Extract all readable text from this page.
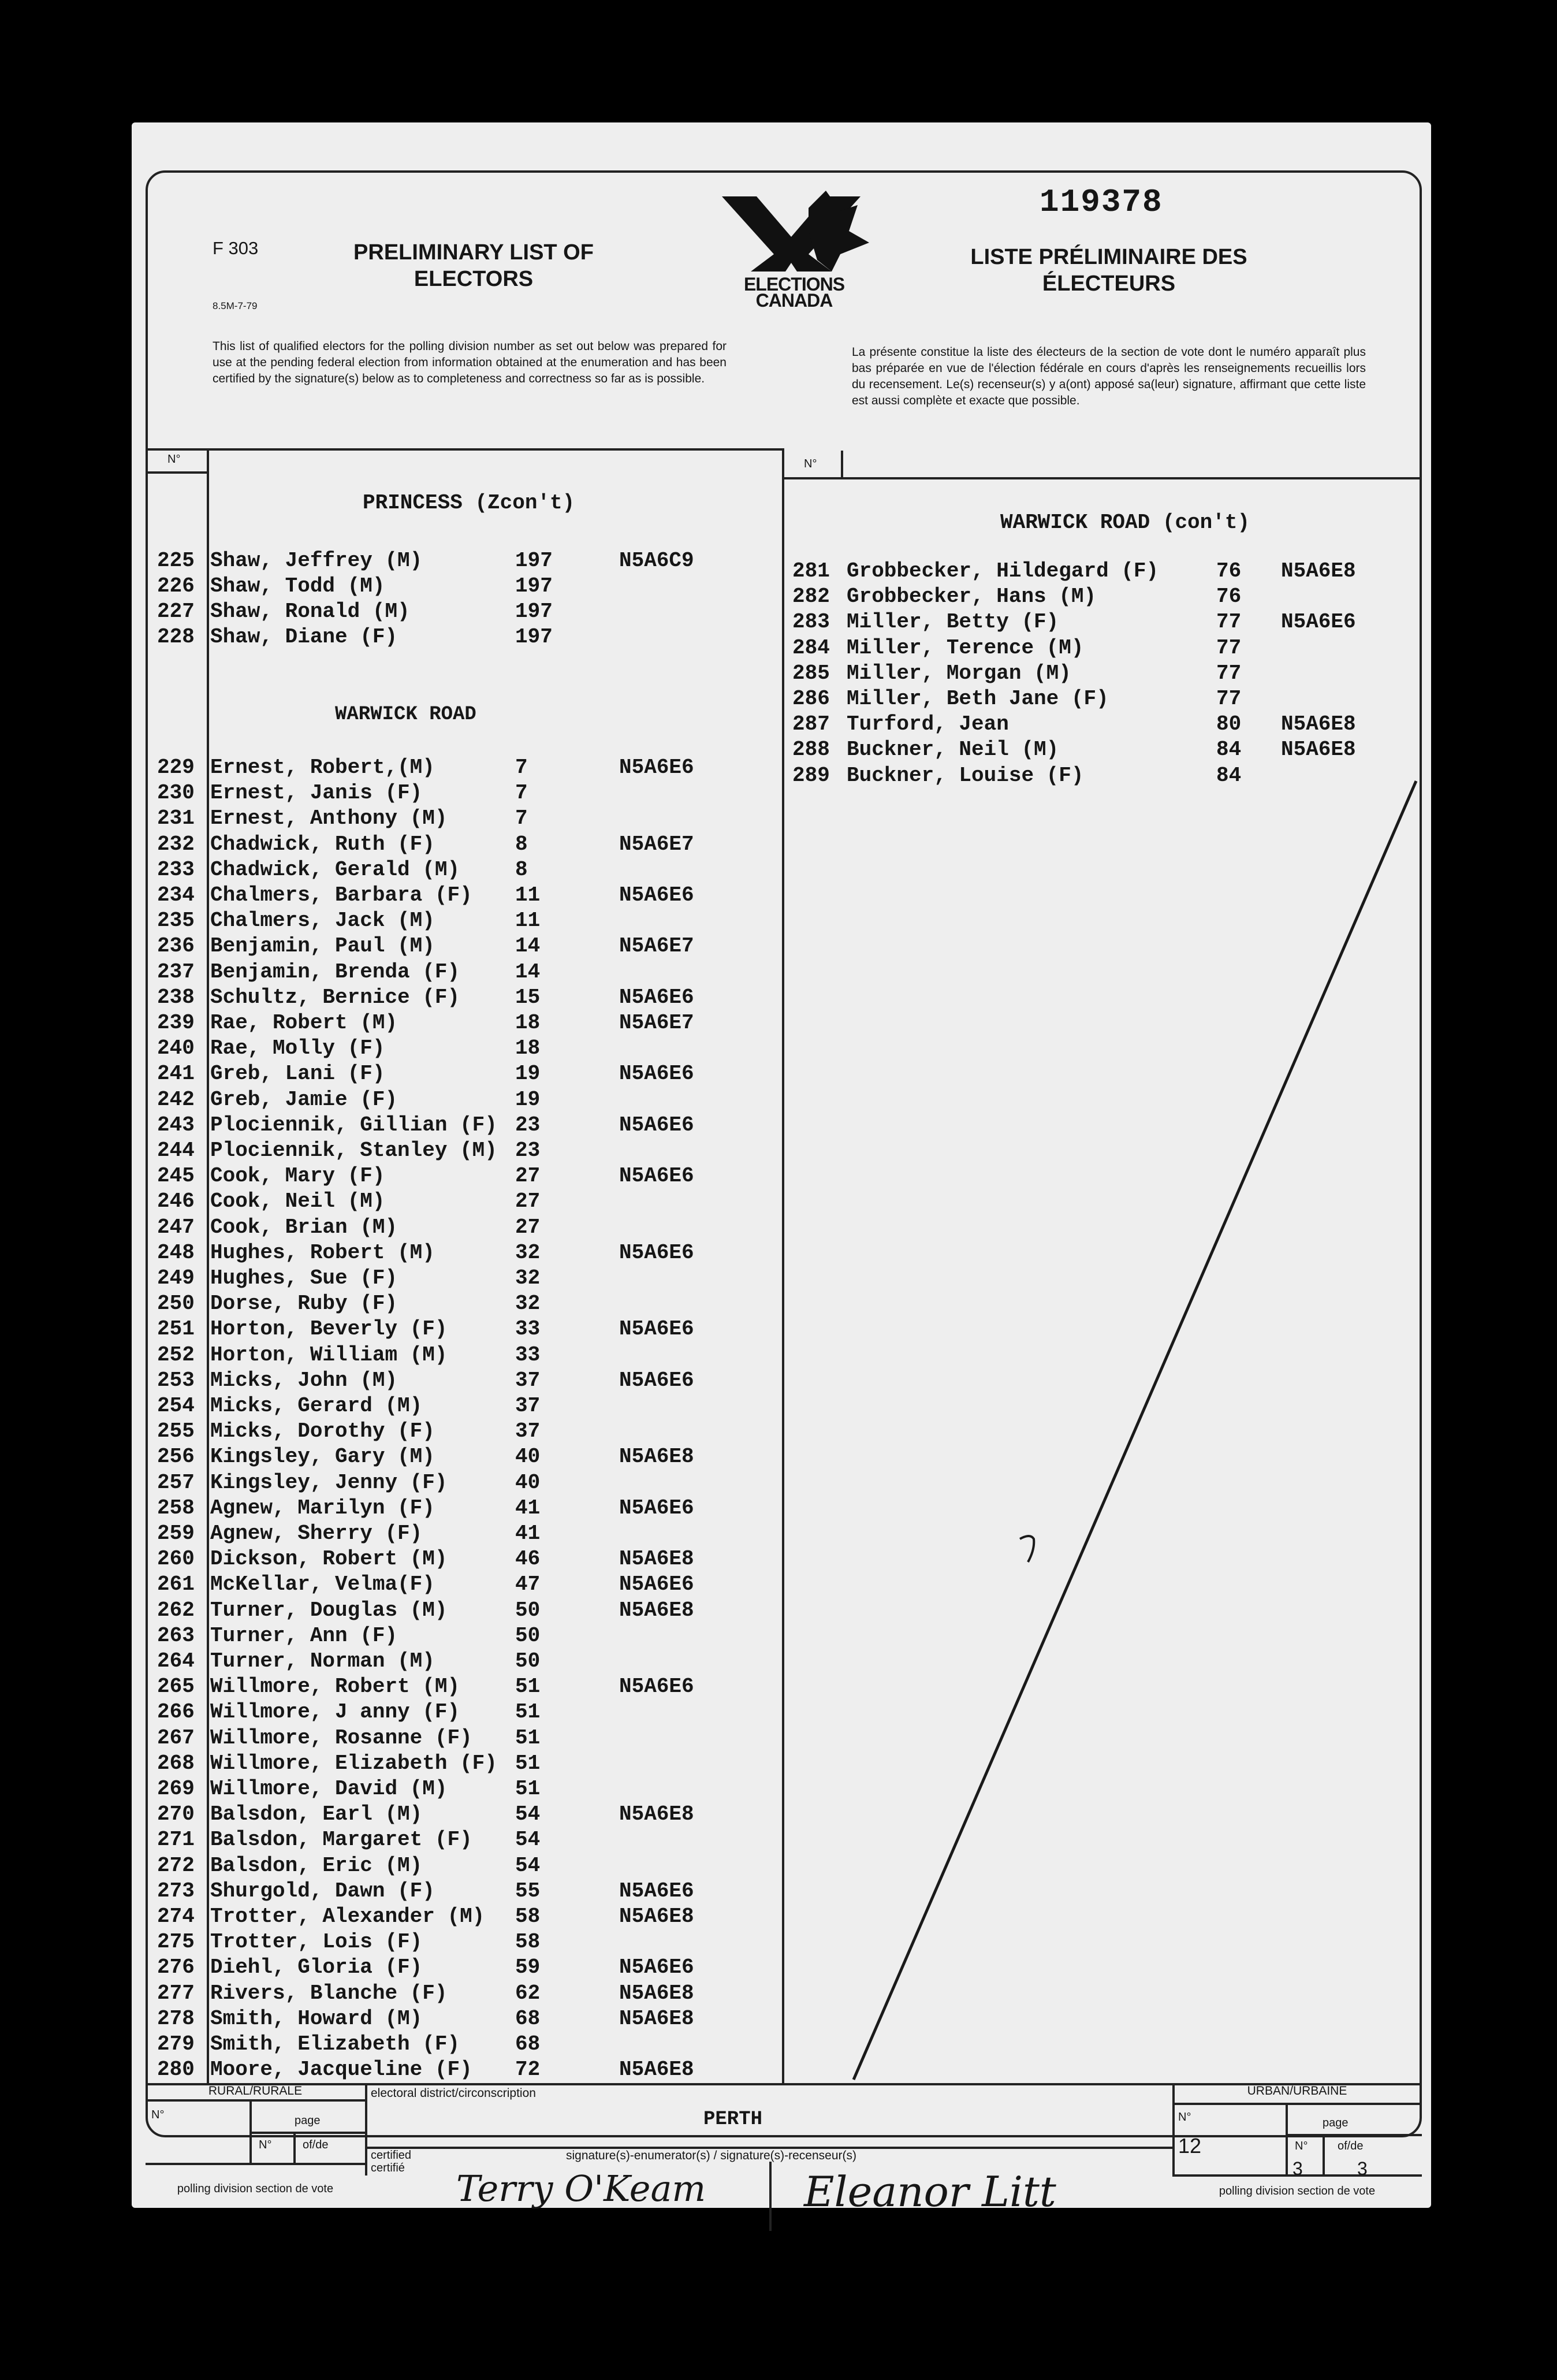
F 303
8.5M-7-79
PRELIMINARY LIST OF ELECTORS	ELECTIONS
CANADA
119378
LISTE PRÉLIMINAIRE DES ÉLECTEURS
This list of qualified electors for the polling division number as set out below was prepared for use at the pending federal election from information obtained at the enumeration and has been certified by the signature(s) below as to completeness and correctness so far as is possible.
La présente constitue la liste des électeurs de la section de vote dont le numéro apparaît plus bas préparée en vue de l'élection fédérale en cours d'après les renseignements recueillis lors du recensement. Le(s) recenseur(s) y a(ont) apposé sa(leur) signature, affirmant que cette liste est aussi complète et exacte que possible.
N°	N°
PRINCESS (Zcon't)
WARWICK ROAD
WARWICK ROAD (con't)
225 Shaw, Jeffrey (M)	197	N5A6C9
226 Shaw, Todd (M)	197
227 Shaw, Ronald (M)	197
228 Shaw, Diane (F)	197
229 Ernest, Robert,(M)	7	N5A6E6
230 Ernest, Janis (F)	7
231 Ernest, Anthony (M)	7
232 Chadwick, Ruth (F)	8	N5A6E7
233 Chadwick, Gerald (M)	8
234 Chalmers, Barbara (F) 11	N5A6E6
235 Chalmers, Jack (M)	11
236 Benjamin, Paul (M)	14	N5A6E7
237 Benjamin, Brenda (F)	14
238 Schultz, Bernice (F)	15	N5A6E6
239 Rae, Robert (M)	18	N5A6E7
240 Rae, Molly (F)	18
241 Greb, Lani (F)	19	N5A6E6
242 Greb, Jamie (F)	19
243 Plociennik, Gillian (F) 23	N5A6E6
244 Plociennik, Stanley (M) 23
245 Cook, Mary (F)	27	N5A6E6
246 Cook, Neil (M)	27
247 Cook, Brian (M)	27
248 Hughes, Robert (M)	32	N5A6E6
249 Hughes, Sue (F)	32
250 Dorse, Ruby (F)	32
251 Horton, Beverly (F)	33	N5A6E6
252 Horton, William (M)	33
253 Micks, John (M)	37	N5A6E6
254 Micks, Gerard (M)	37
255 Micks, Dorothy (F)	37
256 Kingsley, Gary (M)	40	N5A6E8
257 Kingsley, Jenny (F)	40
258 Agnew, Marilyn (F)	41	N5A6E6
259 Agnew, Sherry (F)	41
260 Dickson, Robert (M)	46	N5A6E8
261 McKellar, Velma(F)	47	N5A6E6
262 Turner, Douglas (M)	50	N5A6E8
263 Turner, Ann (F)	50
264 Turner, Norman (M)	50
265 Willmore, Robert (M)	51	N5A6E6
266 Willmore, J anny (F)	51
267 Willmore, Rosanne (F) 51
268 Willmore, Elizabeth (F) 51
269 Willmore, David (M)	51
270 Balsdon, Earl (M)	54	N5A6E8
271 Balsdon, Margaret (F) 54
272 Balsdon, Eric (M)	54
273 Shurgold, Dawn (F)	55	N5A6E6
274 Trotter, Alexander (M) 58	N5A6E8
275 Trotter, Lois (F)	58
276 Diehl, Gloria (F)	59	N5A6E6
277 Rivers, Blanche (F)	62	N5A6E8
278 Smith, Howard (M)	68	N5A6E8
279 Smith, Elizabeth (F)	68
280 Moore, Jacqueline (F) 72	N5A6E8
281 Grobbecker, Hildegard (F)	76 N5A6E8
282 Grobbecker, Hans (M)	76
283 Miller, Betty (F)	77 N5A6E6
284 Miller, Terence (M)	77
285 Miller, Morgan (M)	77
286 Miller, Beth Jane (F)	77
287 Turford, Jean	80 N5A6E8
288 Buckner, Neil (M)	84 N5A6E8
289 Buckner, Louise (F)	84
RURAL/RURALE
N°	page
N°	of/de
polling division section de vote
electoral district/circonscription
PERTH
certified certifié
signature(s)-enumerator(s) / signature(s)-recenseur(s)
Terry O'Keam Eleanor Litt
URBAN/URBAINE
N°
12
page
N°
3
of/de
3
polling division section de vote
